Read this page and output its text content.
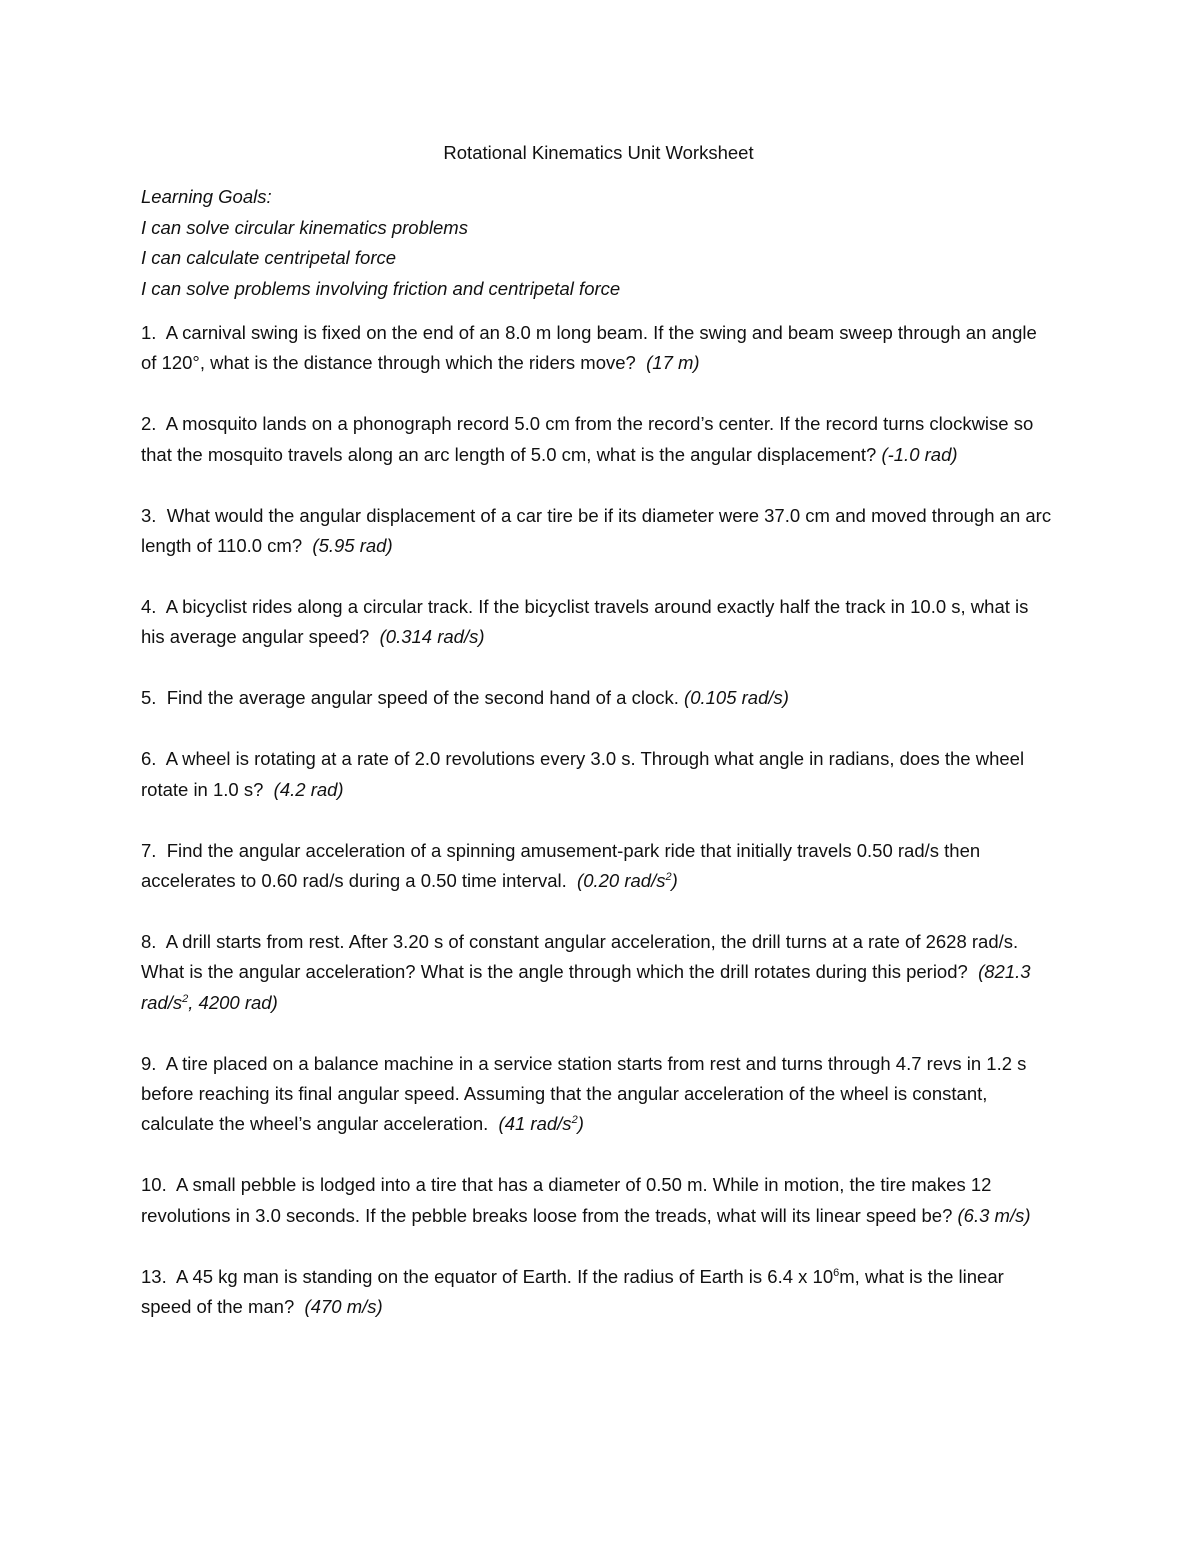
Rotational Kinematics Unit Worksheet
Learning Goals:
I can solve circular kinematics problems
I can calculate centripetal force
I can solve problems involving friction and centripetal force
1. A carnival swing is fixed on the end of an 8.0 m long beam. If the swing and beam sweep through an angle of 120°, what is the distance through which the riders move? (17 m)
2. A mosquito lands on a phonograph record 5.0 cm from the record’s center. If the record turns clockwise so that the mosquito travels along an arc length of 5.0 cm, what is the angular displacement? (-1.0 rad)
3. What would the angular displacement of a car tire be if its diameter were 37.0 cm and moved through an arc length of 110.0 cm? (5.95 rad)
4. A bicyclist rides along a circular track. If the bicyclist travels around exactly half the track in 10.0 s, what is his average angular speed? (0.314 rad/s)
5. Find the average angular speed of the second hand of a clock. (0.105 rad/s)
6. A wheel is rotating at a rate of 2.0 revolutions every 3.0 s. Through what angle in radians, does the wheel rotate in 1.0 s? (4.2 rad)
7. Find the angular acceleration of a spinning amusement-park ride that initially travels 0.50 rad/s then accelerates to 0.60 rad/s during a 0.50 time interval. (0.20 rad/$s^2$)
8. A drill starts from rest. After 3.20 s of constant angular acceleration, the drill turns at a rate of 2628 rad/s. What is the angular acceleration? What is the angle through which the drill rotates during this period? (821.3 rad/$s^2$, 4200 rad)
9. A tire placed on a balance machine in a service station starts from rest and turns through 4.7 revs in 1.2 s before reaching its final angular speed. Assuming that the angular acceleration of the wheel is constant, calculate the wheel’s angular acceleration. (41 rad/$s^2$)
10. A small pebble is lodged into a tire that has a diameter of 0.50 m. While in motion, the tire makes 12 revolutions in 3.0 seconds. If the pebble breaks loose from the treads, what will its linear speed be? (6.3 m/s)
13. A 45 kg man is standing on the equator of Earth. If the radius of Earth is 6.4 x $10^6m$, what is the linear speed of the man? (470 m/s)
